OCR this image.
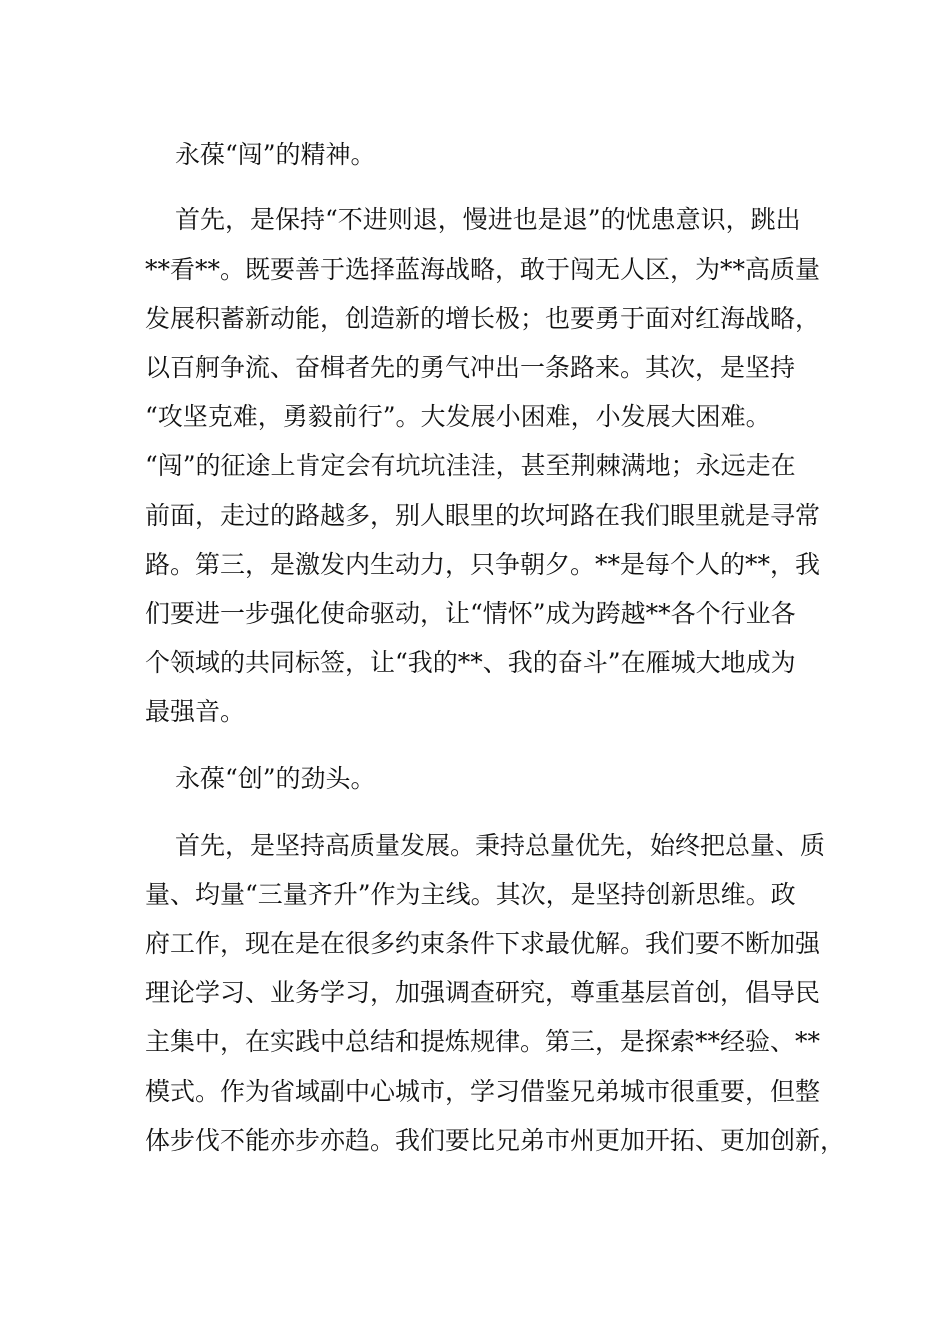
永葆“闯”的精神。

首先，是保持“不进则退，慢进也是退”的忧患意识，跳出

**看**。既要善于选择蓝海战略，敢于闯无人区，为**高质量

发展积蓄新动能，创造新的增长极；也要勇于面对红海战略，

以百舸争流、奋楫者先的勇气冲出一条路来。其次，是坚持

“攻坚克难，勇毅前行”。大发展小困难，小发展大困难。

“闯”的征途上肯定会有坑坑洼洼，甚至荆棘满地；永远走在

前面，走过的路越多，别人眼里的坎坷路在我们眼里就是寻常

路。第三，是激发内生动力，只争朝夕。**是每个人的**，我

们要进一步强化使命驱动，让“情怀”成为跨越**各个行业各

个领域的共同标签，让“我的**、我的奋斗”在雁城大地成为

最强音。

永葆“创”的劲头。

首先，是坚持高质量发展。秉持总量优先，始终把总量、质

量、均量“三量齐升”作为主线。其次，是坚持创新思维。政

府工作，现在是在很多约束条件下求最优解。我们要不断加强

理论学习、业务学习，加强调查研究，尊重基层首创，倡导民

主集中，在实践中总结和提炼规律。第三，是探索**经验、**

模式。作为省域副中心城市，学习借鉴兄弟城市很重要，但整

体步伐不能亦步亦趋。我们要比兄弟市州更加开拓、更加创新，
